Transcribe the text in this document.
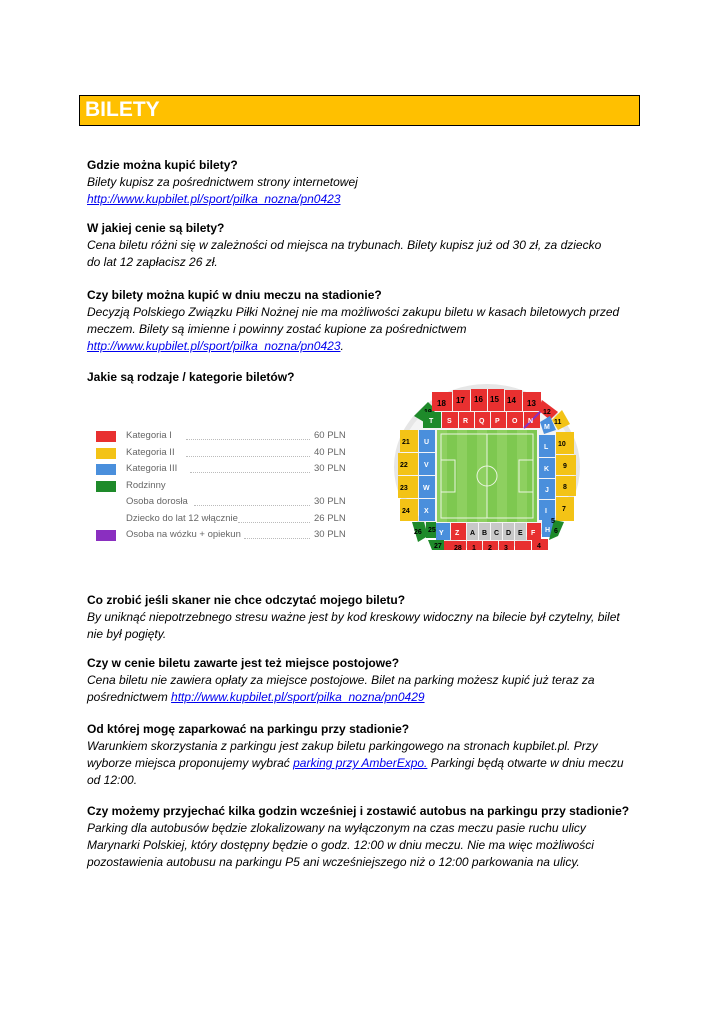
BILETY
Gdzie można kupić bilety?
Bilety kupisz za pośrednictwem strony internetowej
http://www.kupbilet.pl/sport/pilka_nozna/pn0423
W jakiej cenie są bilety?
Cena biletu różni się w zależności od miejsca na trybunach. Bilety kupisz już od 30 zł, za dziecko
do lat 12 zapłacisz 26 zł.
Czy bilety można kupić w dniu meczu na stadionie?
Decyzją Polskiego Związku Piłki Nożnej nie ma możliwości zakupu biletu w kasach biletowych przed
meczem. Bilety są imienne i powinny zostać kupione za pośrednictwem
http://www.kupbilet.pl/sport/pilka_nozna/pn0423.
Jakie są rodzaje / kategorie biletów?
Kategoria I	60 PLN
Kategoria II	40 PLN
Kategoria III	30 PLN
Rodzinny
Osoba dorosła	30 PLN
Dziecko do lat 12 włącznie	26 PLN
Osoba na wózku + opiekun	30 PLN
18 17 16 15 14 13
T S R Q P O N
12
11
M
21
22
23
24
U
V
W
X
L
K
J
I
10
9
8
7
Y Z A B C D E F H
25
26
27 28 1 2 3	4
5
6
Co zrobić jeśli skaner nie chce odczytać mojego biletu?
By uniknąć niepotrzebnego stresu ważne jest by kod kreskowy widoczny na bilecie był czytelny, bilet
nie był pogięty.
Czy w cenie biletu zawarte jest też miejsce postojowe?
Cena biletu nie zawiera opłaty za miejsce postojowe. Bilet na parking możesz kupić już teraz za
pośrednictwem http://www.kupbilet.pl/sport/pilka_nozna/pn0429
Od której mogę zaparkować na parkingu przy stadionie?
Warunkiem skorzystania z parkingu jest zakup biletu parkingowego na stronach kupbilet.pl. Przy
wyborze miejsca proponujemy wybrać parking przy AmberExpo. Parkingi będą otwarte w dniu meczu
od 12:00.
Czy możemy przyjechać kilka godzin wcześniej i zostawić autobus na parkingu przy stadionie?
Parking dla autobusów będzie zlokalizowany na wyłączonym na czas meczu pasie ruchu ulicy
Marynarki Polskiej, który dostępny będzie o godz. 12:00 w dniu meczu. Nie ma więc możliwości
pozostawienia autobusu na parkingu P5 ani wcześniejszego niż o 12:00 parkowania na ulicy.
